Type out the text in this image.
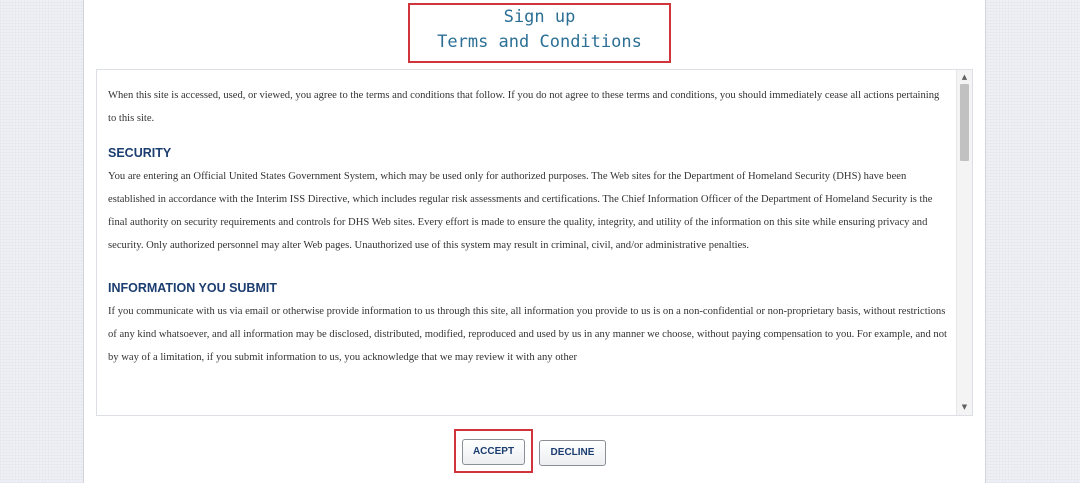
Sign up
Terms and Conditions

When this site is accessed, used, or viewed, you agree to the terms and conditions that follow. If you do not agree to these terms and conditions, you should immediately cease all actions pertaining to this site.

SECURITY

You are entering an Official United States Government System, which may be used only for authorized purposes. The Web sites for the Department of Homeland Security (DHS) have been established in accordance with the Interim ISS Directive, which includes regular risk assessments and certifications. The Chief Information Officer of the Department of Homeland Security is the final authority on security requirements and controls for DHS Web sites. Every effort is made to ensure the quality, integrity, and utility of the information on this site while ensuring privacy and security. Only authorized personnel may alter Web pages. Unauthorized use of this system may result in criminal, civil, and/or administrative penalties.

INFORMATION YOU SUBMIT

If you communicate with us via email or otherwise provide information to us through this site, all information you provide to us is on a non-confidential or non-proprietary basis, without restrictions of any kind whatsoever, and all information may be disclosed, distributed, modified, reproduced and used by us in any manner we choose, without paying compensation to you. For example, and not by way of a limitation, if you submit information to us, you acknowledge that we may review it with any other

▲
▼
ACCEPT	DECLINE
